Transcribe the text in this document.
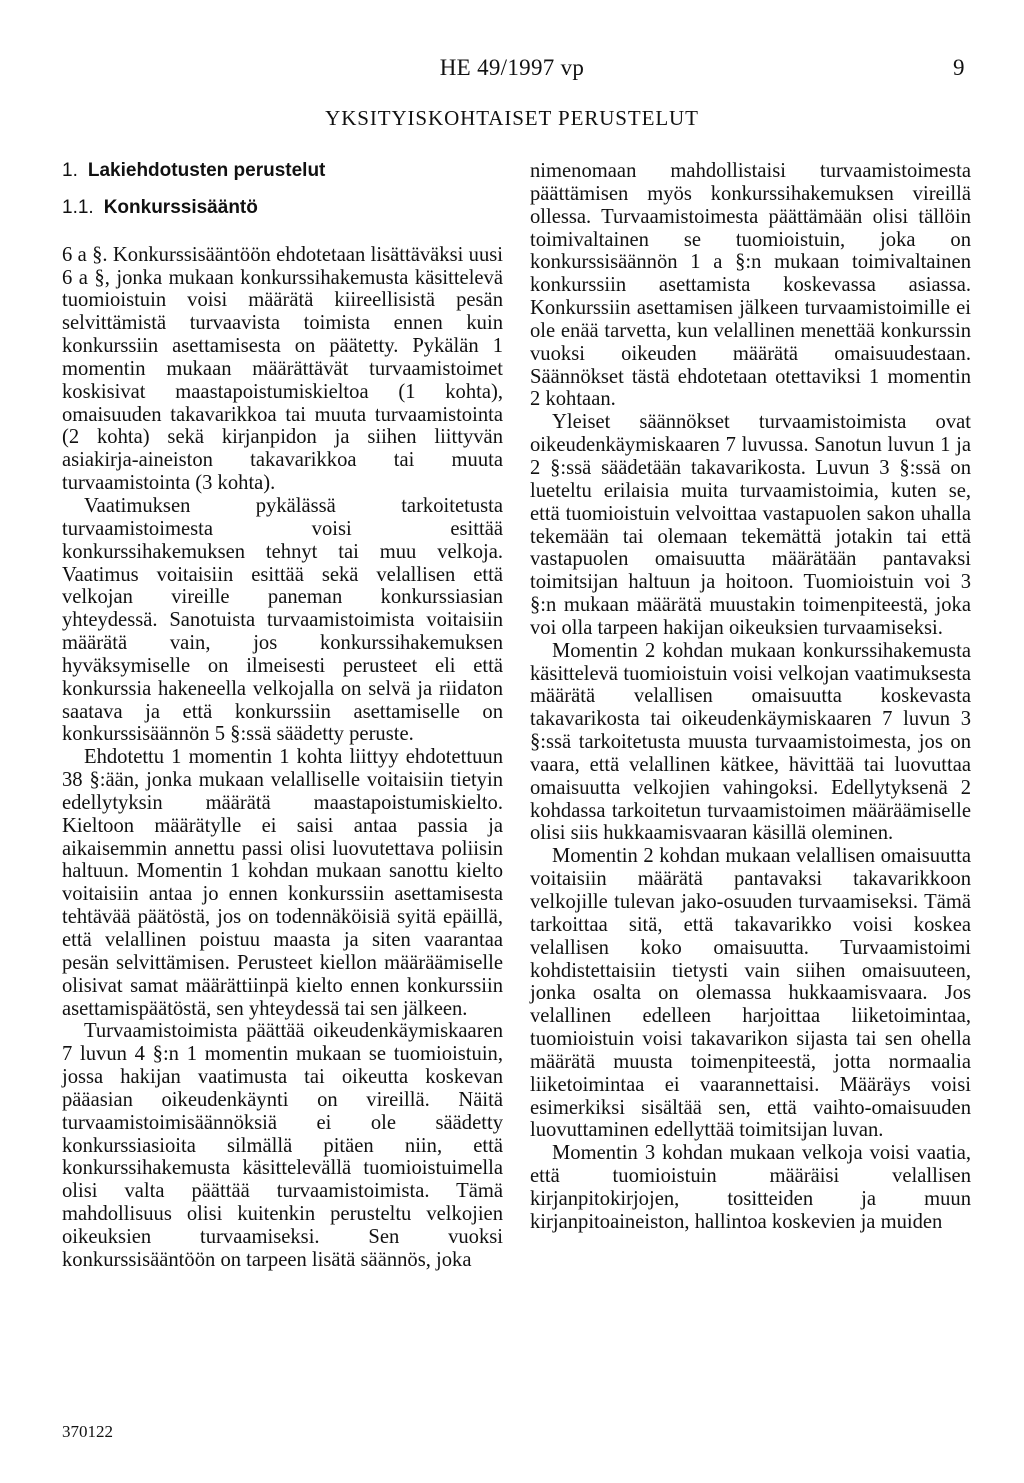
HE 49/1997 vp	9
YKSITYISKOHTAISET PERUSTELUT
1. Lakiehdotusten perustelut
1.1. Konkurssisääntö

6 a §. Konkurssisääntöön ehdotetaan lisättäväksi uusi 6 a §, jonka mukaan konkurssihakemusta käsittelevä tuomioistuin voisi määrätä kiireellisistä pesän selvittämistä turvaavista toimista ennen kuin konkurssiin asettamisesta on päätetty. Pykälän 1 momentin mukaan määrättävät turvaamistoimet koskisivat maastapoistumiskieltoa (1 kohta), omaisuuden takavarikkoa tai muuta turvaamistointa (2 kohta) sekä kirjanpidon ja siihen liittyvän asiakirja-aineiston takavarikkoa tai muuta turvaamistointa (3 kohta).

Vaatimuksen pykälässä tarkoitetusta turvaamistoimesta voisi esittää konkurssihakemuksen tehnyt tai muu velkoja. Vaatimus voitaisiin esittää sekä velallisen että velkojan vireille paneman konkurssiasian yhteydessä. Sanotuista turvaamistoimista voitaisiin määrätä vain, jos konkurssihakemuksen hyväksymiselle on ilmeisesti perusteet eli että konkurssia hakeneella velkojalla on selvä ja riidaton saatava ja että konkurssiin asettamiselle on konkurssisäännön 5 §:ssä säädetty peruste.

Ehdotettu 1 momentin 1 kohta liittyy ehdotettuun 38 §:ään, jonka mukaan velalliselle voitaisiin tietyin edellytyksin määrätä maastapoistumiskielto. Kieltoon määrätylle ei saisi antaa passia ja aikaisemmin annettu passi olisi luovutettava poliisin haltuun. Momentin 1 kohdan mukaan sanottu kielto voitaisiin antaa jo ennen konkurssiin asettamisesta tehtävää päätöstä, jos on todennäköisiä syitä epäillä, että velallinen poistuu maasta ja siten vaarantaa pesän selvittämisen. Perusteet kiellon määräämiselle olisivat samat määrättiinpä kielto ennen konkurssiin asettamispäätöstä, sen yhteydessä tai sen jälkeen.

Turvaamistoimista päättää oikeudenkäymiskaaren 7 luvun 4 §:n 1 momentin mukaan se tuomioistuin, jossa hakijan vaatimusta tai oikeutta koskevan pääasian oikeudenkäynti on vireillä. Näitä turvaamistoimisäännöksiä ei ole säädetty konkurssiasioita silmällä pitäen niin, että konkurssihakemusta käsittelevällä tuomioistuimella olisi valta päättää turvaamistoimista. Tämä mahdollisuus olisi kuitenkin perusteltu velkojien oikeuksien turvaamiseksi. Sen vuoksi konkurssisääntöön on tarpeen lisätä säännös, joka

nimenomaan mahdollistaisi turvaamistoimesta päättämisen myös konkurssihakemuksen vireillä ollessa. Turvaamistoimesta päättämään olisi tällöin toimivaltainen se tuomioistuin, joka on konkurssisäännön 1 a §:n mukaan toimivaltainen konkurssiin asettamista koskevassa asiassa. Konkurssiin asettamisen jälkeen turvaamistoimille ei ole enää tarvetta, kun velallinen menettää konkurssin vuoksi oikeuden määrätä omaisuudestaan. Säännökset tästä ehdotetaan otettaviksi 1 momentin 2 kohtaan.

Yleiset säännökset turvaamistoimista ovat oikeudenkäymiskaaren 7 luvussa. Sanotun luvun 1 ja 2 §:ssä säädetään takavarikosta. Luvun 3 §:ssä on lueteltu erilaisia muita turvaamistoimia, kuten se, että tuomioistuin velvoittaa vastapuolen sakon uhalla tekemään tai olemaan tekemättä jotakin tai että vastapuolen omaisuutta määrätään pantavaksi toimitsijan haltuun ja hoitoon. Tuomioistuin voi 3 §:n mukaan määrätä muustakin toimenpiteestä, joka voi olla tarpeen hakijan oikeuksien turvaamiseksi.

Momentin 2 kohdan mukaan konkurssihakemusta käsittelevä tuomioistuin voisi velkojan vaatimuksesta määrätä velallisen omaisuutta koskevasta takavarikosta tai oikeudenkäymiskaaren 7 luvun 3 §:ssä tarkoitetusta muusta turvaamistoimesta, jos on vaara, että velallinen kätkee, hävittää tai luovuttaa omaisuutta velkojien vahingoksi. Edellytyksenä 2 kohdassa tarkoitetun turvaamistoimen määräämiselle olisi siis hukkaamisvaaran käsillä oleminen.

Momentin 2 kohdan mukaan velallisen omaisuutta voitaisiin määrätä pantavaksi takavarikkoon velkojille tulevan jako-osuuden turvaamiseksi. Tämä tarkoittaa sitä, että takavarikko voisi koskea velallisen koko omaisuutta. Turvaamistoimi kohdistettaisiin tietysti vain siihen omaisuuteen, jonka osalta on olemassa hukkaamisvaara. Jos velallinen edelleen harjoittaa liiketoimintaa, tuomioistuin voisi takavarikon sijasta tai sen ohella määrätä muusta toimenpiteestä, jotta normaalia liiketoimintaa ei vaarannettaisi. Määräys voisi esimerkiksi sisältää sen, että vaihto-omaisuuden luovuttaminen edellyttää toimitsijan luvan.

Momentin 3 kohdan mukaan velkoja voisi vaatia, että tuomioistuin määräisi velallisen kirjanpitokirjojen, tositteiden ja muun kirjanpitoaineiston, hallintoa koskevien ja muiden

370122
